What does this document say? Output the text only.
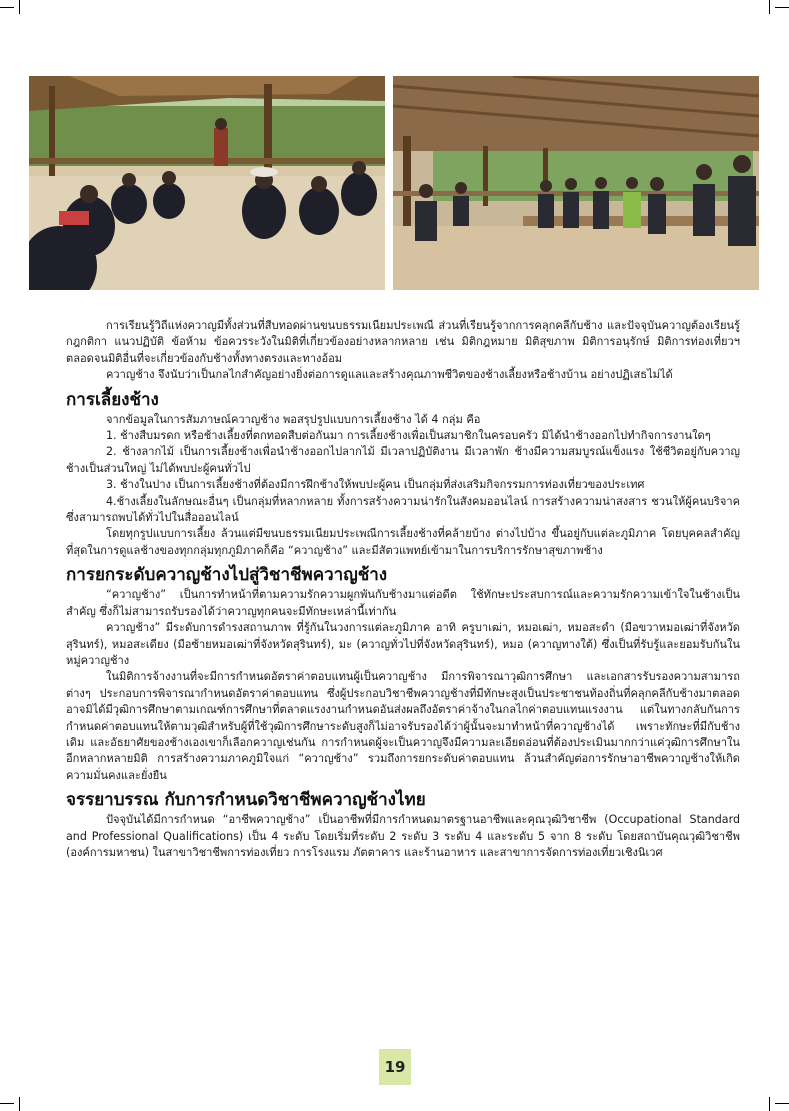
การเรียนรู้วิถีแห่งควาญมีทั้งส่วนที่สืบทอดผ่านขนบธรรมเนียมประเพณี ส่วนที่เรียนรู้จากการคลุกคลีกับช้าง และปัจจุบันควาญต้องเรียนรู้กฎกติกา แนวปฏิบัติ ข้อห้าม ข้อควรระวังในมิติที่เกี่ยวข้องอย่างหลากหลาย เช่น มิติกฎหมาย มิติสุขภาพ มิติการอนุรักษ์ มิติการท่องเที่ยวฯ ตลอดจนมิติอื่นที่จะเกี่ยวข้องกับช้างทั้งทางตรงและทางอ้อม

ควาญช้าง จึงนับว่าเป็นกลไกสำคัญอย่างยิ่งต่อการดูแลและสร้างคุณภาพชีวิตของช้างเลี้ยงหรือช้างบ้าน อย่างปฏิเสธไม่ได้

การเลี้ยงช้าง

จากข้อมูลในการสัมภาษณ์ควาญช้าง พอสรุปรูปแบบการเลี้ยงช้าง ได้ 4 กลุ่ม คือ

1. ช้างสืบมรดก หรือช้างเลี้ยงที่ตกทอดสืบต่อกันมา การเลี้ยงช้างเพื่อเป็นสมาชิกในครอบครัว มิได้นำช้างออกไปทำกิจการงานใดๆ

2. ช้างลากไม้ เป็นการเลี้ยงช้างเพื่อนำช้างออกไปลากไม้ มีเวลาปฏิบัติงาน มีเวลาพัก ช้างมีความสมบูรณ์แข็งแรง ใช้ชีวิตอยู่กับควาญช้างเป็นส่วนใหญ่ ไม่ได้พบปะผู้คนทั่วไป

3. ช้างในปาง เป็นการเลี้ยงช้างที่ต้องมีการฝึกช้างให้พบปะผู้คน เป็นกลุ่มที่ส่งเสริมกิจกรรมการท่องเที่ยวของประเทศ

4.ช้างเลี้ยงในลักษณะอื่นๆ เป็นกลุ่มที่หลากหลาย ทั้งการสร้างความน่ารักในสังคมออนไลน์ การสร้างความน่าสงสาร ชวนให้ผู้คนบริจาค ซึ่งสามารถพบได้ทั่วไปในสื่อออนไลน์

โดยทุกรูปแบบการเลี้ยง ล้วนแต่มีขนบธรรมเนียมประเพณีการเลี้ยงช้างที่คล้ายบ้าง ต่างไปบ้าง ขึ้นอยู่กับแต่ละภูมิภาค โดยบุคคลสำคัญที่สุดในการดูแลช้างของทุกกลุ่มทุกภูมิภาคก็คือ “ควาญช้าง” และมีสัตวแพทย์เข้ามาในการบริการรักษาสุขภาพช้าง

การยกระดับควาญช้างไปสู่วิชาชีพควาญช้าง

“ควาญช้าง” เป็นการทำหน้าที่ตามความรักความผูกพันกับช้างมาแต่อดีต ใช้ทักษะประสบการณ์และความรักความเข้าใจในช้างเป็นสำคัญ ซึ่งก็ไม่สามารถรับรองได้ว่าควาญทุกคนจะมีทักษะเหล่านี้เท่ากัน

ควาญช้าง” มีระดับการดำรงสถานภาพ ที่รู้กันในวงการแต่ละภูมิภาค อาทิ ครูบาเฒ่า, หมอเฒ่า, หมอสะดำ (มือขวาหมอเฒ่าที่จังหวัดสุรินทร์), หมอสะเดียง (มือซ้ายหมอเฒ่าที่จังหวัดสุรินทร์), มะ (ควาญทั่วไปที่จังหวัดสุรินทร์), หมอ (ควาญทางใต้) ซึ่งเป็นที่รับรู้และยอมรับกันในหมู่ควาญช้าง

ในมิติการจ้างงานที่จะมีการกำหนดอัตราค่าตอบแทนผู้เป็นควาญช้าง มีการพิจารณาวุฒิการศึกษา และเอกสารรับรองความสามารถต่างๆ ประกอบการพิจารณากำหนดอัตราค่าตอบแทน ซึ่งผู้ประกอบวิชาชีพควาญช้างที่มีทักษะสูงเป็นประชาชนท้องถิ่นที่คลุกคลีกับช้างมาตลอด อาจมิได้มีวุฒิการศึกษาตามเกณฑ์การศึกษาที่ตลาดแรงงานกำหนดอันส่งผลถึงอัตราค่าจ้างในกลไกค่าตอบแทนแรงงาน แต่ในทางกลับกันการกำหนดค่าตอบแทนให้ตามวุฒิสำหรับผู้ที่ใช้วุฒิการศึกษาระดับสูงก็ไม่อาจรับรองได้ว่าผู้นั้นจะมาทำหน้าที่ควาญช้างได้ เพราะทักษะที่มีกับช้างเดิม และอัธยาศัยของช้างเองเขาก็เลือกควาญเช่นกัน การกำหนดผู้จะเป็นควาญจึงมีความละเอียดอ่อนที่ต้องประเมินมากกว่าแค่วุฒิการศึกษาในอีกหลากหลายมิติ การสร้างความภาคภูมิใจแก่ “ควาญช้าง” รวมถึงการยกระดับค่าตอบแทน ล้วนสำคัญต่อการรักษาอาชีพควาญช้างให้เกิดความมั่นคงและยั่งยืน

จรรยาบรรณ กับการกำหนดวิชาชีพควาญช้างไทย

ปัจจุบันได้มีการกำหนด “อาชีพควาญช้าง” เป็นอาชีพที่มีการกำหนดมาตรฐานอาชีพและคุณวุฒิวิชาชีพ (Occupational Standard and Professional Qualifications) เป็น 4 ระดับ โดยเริ่มที่ระดับ 2 ระดับ 3 ระดับ 4 และระดับ 5 จาก 8 ระดับ โดยสถาบันคุณวุฒิวิชาชีพ (องค์การมหาชน) ในสาขาวิชาชีพการท่องเที่ยว การโรงแรม ภัตตาคาร และร้านอาหาร และสาขาการจัดการท่องเที่ยวเชิงนิเวศ

19
